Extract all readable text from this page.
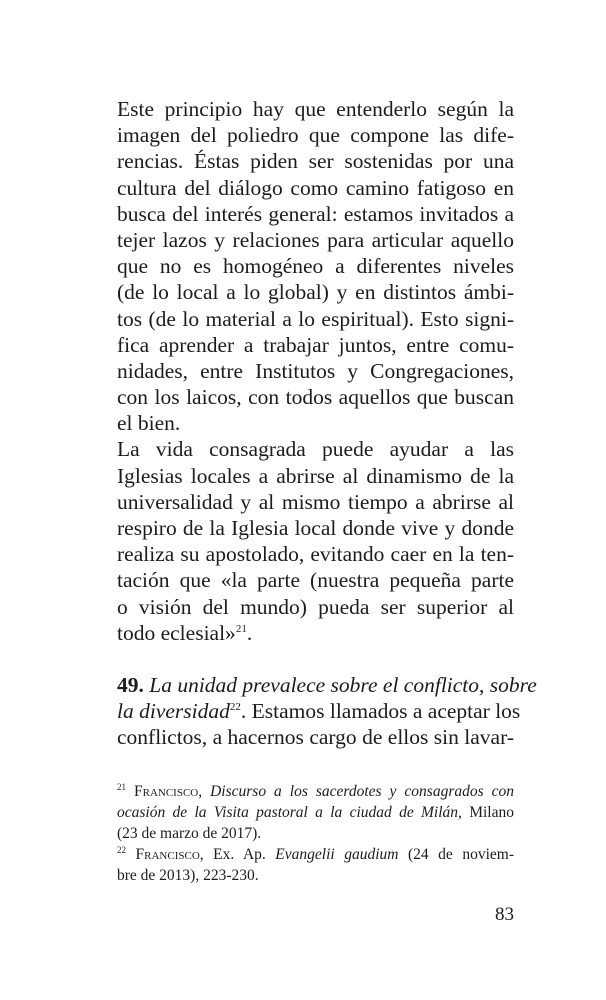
Este principio hay que entenderlo según la
imagen del poliedro que compone las dife-
rencias. Éstas piden ser sostenidas por una
cultura del diálogo como camino fatigoso en
busca del interés general: estamos invitados a
tejer lazos y relaciones para articular aquello
que no es homogéneo a diferentes niveles
(de lo local a lo global) y en distintos ámbi-
tos (de lo material a lo espiritual). Esto signi-
fica aprender a trabajar juntos, entre comu-
nidades, entre Institutos y Congregaciones,
con los laicos, con todos aquellos que buscan
el bien.
La vida consagrada puede ayudar a las
Iglesias locales a abrirse al dinamismo de la
universalidad y al mismo tiempo a abrirse al
respiro de la Iglesia local donde vive y donde
realiza su apostolado, evitando caer en la ten-
tación que «la parte (nuestra pequeña parte
o visión del mundo) pueda ser superior al
todo eclesial»$^{21}$.
49. La unidad prevalece sobre el conflicto, sobre
la diversidad$^{22}$. Estamos llamados a aceptar los
conflictos, a hacernos cargo de ellos sin lavar-
$^{21}$ Francisco, Discurso a los sacerdotes y consagrados con
ocasión de la Visita pastoral a la ciudad de Milán, Milano
(23 de marzo de 2017).
$^{22}$ Francisco, Ex. Ap. Evangelii gaudium (24 de noviem-
bre de 2013), 223-230.
83
